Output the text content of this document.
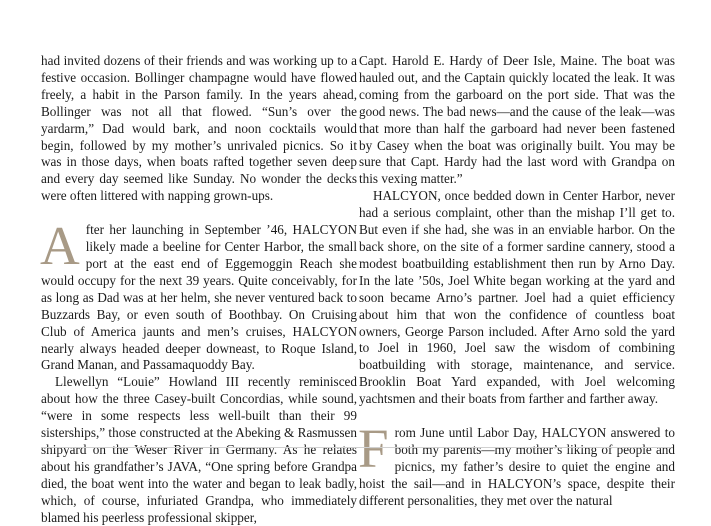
had invited dozens of their friends and was working up to a festive occasion. Bollinger champagne would have flowed freely, a habit in the Parson family. In the years ahead, Bollinger was not all that flowed. “Sun’s over the yardarm,” Dad would bark, and noon cocktails would begin, followed by my mother’s unrivaled picnics. So it was in those days, when boats rafted together seven deep and every day seemed like Sunday. No wonder the decks were often littered with napping grown-ups.

After her launching in September ’46, HALCYON likely made a beeline for Center Harbor, the small port at the east end of Eggemoggin Reach she would occupy for the next 39 years. Quite conceivably, for as long as Dad was at her helm, she never ventured back to Buzzards Bay, or even south of Boothbay. On Cruising Club of America jaunts and men’s cruises, HALCYON nearly always headed deeper downeast, to Roque Island, Grand Manan, and Passamaquoddy Bay.

Llewellyn “Louie” Howland III recently reminisced about how the three Casey-built Concordias, while sound, “were in some respects less well-built than their 99 sisterships,” those constructed at the Abeking & Rasmussen shipyard on the Weser River in Germany. As he relates about his grandfather’s JAVA, “One spring before Grandpa died, the boat went into the water and began to leak badly, which, of course, infuriated Grandpa, who immediately blamed his peerless professional skipper,

Capt. Harold E. Hardy of Deer Isle, Maine. The boat was hauled out, and the Captain quickly located the leak. It was coming from the garboard on the port side. That was the good news. The bad news—and the cause of the leak—was that more than half the garboard had never been fastened by Casey when the boat was originally built. You may be sure that Capt. Hardy had the last word with Grandpa on this vexing matter.”

HALCYON, once bedded down in Center Harbor, never had a serious complaint, other than the mishap I’ll get to. But even if she had, she was in an enviable harbor. On the back shore, on the site of a former sardine cannery, stood a modest boatbuilding establishment then run by Arno Day. In the late ’50s, Joel White began working at the yard and soon became Arno’s partner. Joel had a quiet efficiency about him that won the confidence of countless boat owners, George Parson included. After Arno sold the yard to Joel in 1960, Joel saw the wisdom of combining boatbuilding with storage, maintenance, and service. Brooklin Boat Yard expanded, with Joel welcoming yachtsmen and their boats from farther and farther away.

From June until Labor Day, HALCYON answered to both my parents—my mother’s liking of people and picnics, my father’s desire to quiet the engine and hoist the sail—and in HALCYON’s space, despite their different personalities, they met over the natural
